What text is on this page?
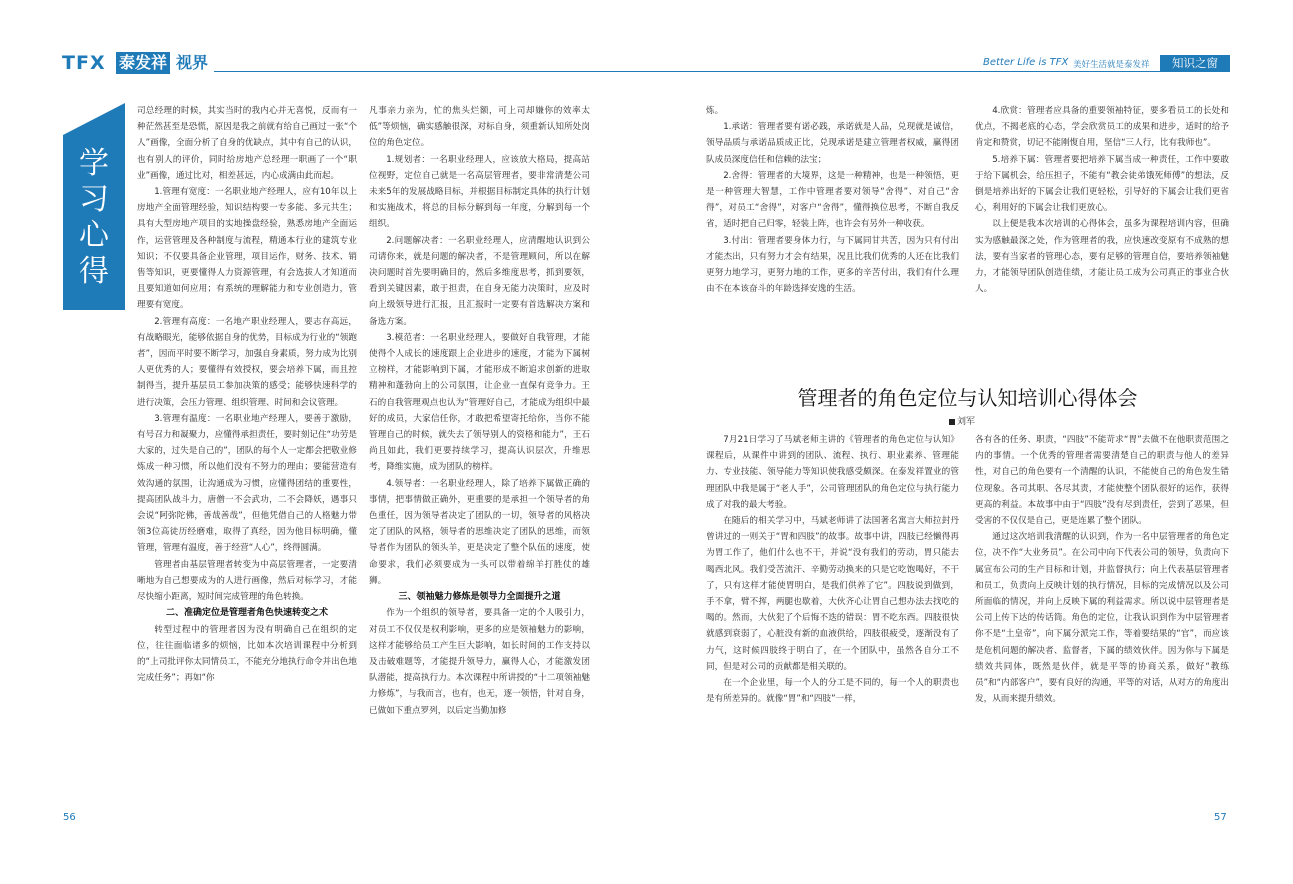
TFX 泰发祥 视界	Better Life is TFX 美好生活就是泰发祥	知识之窗
学
习
心
得

司总经理的时候，其实当时的我内心并无喜悦，反而有一种茫然甚至是恐慌，原因是我之前就有给自己画过一张“个人”画像，全面分析了自身的优缺点，其中有自己的认识，也有别人的评价，同时给房地产总经理一职画了一个“职业”画像，通过比对，相差甚远，内心成满由此而起。

1.管理有宽度：一名职业地产经理人，应有10年以上房地产全面管理经验，知识结构要一专多能、多元共生；具有大型房地产项目的实地操盘经验，熟悉房地产全面运作，运营管理及各种制度与流程，精通本行业的建筑专业知识；不仅要具备企业管理，项目运作，财务、技术、销售等知识，更要懂得人力资源管理，有会选拔人才知道而且要知道如何应用；有系统的理解能力和专业创造力，管理要有宽度。

2.管理有高度：一名地产职业经理人，要志存高远，有战略眼光，能够依据自身的优势，目标成为行业的“领跑者”，因而平时要不断学习，加强自身素质，努力成为比别人更优秀的人；要懂得有效授权，要会培养下属，而且控制得当，提升基层员工参加决策的感受；能够快速科学的进行决策，会压力管理、组织管理、时间和会议管理。

3.管理有温度：一名职业地产经理人，要善于激励，有号召力和凝聚力，应懂得承担责任，要时刻记住“功劳是大家的，过失是自己的”，团队的每个人一定都会把敬业修炼成一种习惯，所以他们没有不努力的理由；要能营造有效沟通的氛围，让沟通成为习惯，应懂得团结的重要性，提高团队战斗力，唐僧一不会武功，二不会降妖，遇事只会说“阿弥陀佛，善哉善哉”，但他凭借自己的人格魅力带领3位高徒历经磨难，取得了真经，因为他目标明确，懂管理，管理有温度，善于经营“人心”，终得圆满。

管理者由基层管理者转变为中高层管理者，一定要清晰地为自己想要成为的人进行画像，然后对标学习，才能尽快缩小距离，短时间完成管理的角色转换。

二、准确定位是管理者角色快速转变之术

转型过程中的管理者因为没有明确自己在组织的定位，往往面临诸多的烦恼，比如本次培训课程中分析到的“上司批评你太同情员工，不能充分地执行命令并出色地完成任务”；再如“你

凡事亲力亲为，忙的焦头烂额，可上司却嫌你的效率太低”等烦恼，确实感触很深，对标自身，须重新认知所处岗位的角色定位。

1.规划者：一名职业经理人，应该放大格局，提高站位视野，定位自己就是一名高层管理者，要非常清楚公司未来5年的发展战略目标，并根据目标制定具体的执行计划和实施战术，将总的目标分解到每一年度，分解到每一个组织。

2.问题解决者：一名职业经理人，应清醒地认识到公司请你来，就是问题的解决者，不是管理顾问，所以在解决问题时首先要明确目的，然后多维度思考，抓到要领，看到关键因素，敢于担责，在自身无能力决策时，应及时向上级领导进行汇报，且汇报时一定要有首选解决方案和备选方案。

3.模范者：一名职业经理人，要做好自我管理，才能使得个人成长的速度跟上企业进步的速度，才能为下属树立榜样，才能影响到下属，才能形成不断追求创新的进取精神和蓬勃向上的公司氛围，让企业一直保有竞争力。王石的自我管理观点也认为“管理好自己，才能成为组织中最好的成员，大家信任你，才敢把希望寄托给你，当你不能管理自己的时候，就失去了领导别人的资格和能力”，王石尚且如此，我们更要持续学习，提高认识层次，升维思考，降维实施，成为团队的榜样。

4.领导者：一名职业经理人，除了培养下属做正确的事情，把事情做正确外，更重要的是承担一个领导者的角色重任，因为领导者决定了团队的一切，领导者的风格决定了团队的风格，领导者的思维决定了团队的思维，而领导者作为团队的领头羊，更是决定了整个队伍的速度，使命要求，我们必须要成为一头可以带着绵羊打胜仗的雄狮。

三、领袖魅力修炼是领导力全面提升之道

作为一个组织的领导者，要具备一定的个人吸引力，对员工不仅仅是权利影响，更多的应是领袖魅力的影响，这样才能够给员工产生巨大影响，如长时间的工作支持以及击破难题等，才能提升领导力，赢得人心，才能激发团队潜能，提高执行力。本次课程中所讲授的“十二项领袖魅力修炼”，与我而言，也有，也无，逐一领悟，针对自身，已做如下重点罗列，以后定当勤加修

炼。

1.承诺：管理者要有诺必践，承诺就是人品，兑现就是诚信，领导品质与承诺品质成正比，兑现承诺是建立管理者权威，赢得团队成员深度信任和信赖的法宝；

2.舍得：管理者的大境界，这是一种精神，也是一种领悟，更是一种管理大智慧，工作中管理者要对领导“舍得”、对自己“舍得”，对员工“舍得”，对客户“舍得”，懂得换位思考，不断自我反省，适时把自己归零，轻装上阵，也许会有另外一种收获。

3.付出：管理者要身体力行，与下属同甘共苦，因为只有付出才能杰出，只有努力才会有结果，况且比我们优秀的人还在比我们更努力地学习，更努力地的工作，更多的辛苦付出，我们有什么理由不在本该奋斗的年龄选择安逸的生活。

4.欣赏：管理者应具备的重要领袖特征，要多看员工的长处和优点，不揭老底的心态，学会欣赏员工的成果和进步，适时的给予肯定和赞赏，切记不能刚愎自用，坚信“三人行，比有我师也”。

5.培养下属：管理者要把培养下属当成一种责任，工作中要敢于给下属机会，给压担子，不能有“教会徒弟饿死师傅”的想法，反倒是培养出好的下属会让我们更轻松，引导好的下属会让我们更省心，利用好的下属会让我们更放心。

以上便是我本次培训的心得体会，虽多为课程培训内容，但确实为感触最深之处，作为管理者的我，应快速改变原有不成熟的想法，要有当家者的管理心态，要有足够的管理自信，要培养领袖魅力，才能领导团队创造佳绩，才能让员工成为公司真正的事业合伙人。

管理者的角色定位与认知培训心得体会
刘军

7月21日学习了马斌老师主讲的《管理者的角色定位与认知》课程后，从课件中讲到的团队、流程、执行、职业素养、管理能力、专业技能、领导能力等知识使我感受颇深。在泰发祥置业的管理团队中我是属于“老人手”，公司管理团队的角色定位与执行能力成了对我的最大考验。

在随后的相关学习中，马斌老师讲了法国著名寓言大师拉封丹曾讲过的一则关于“胃和四肢”的故事。故事中讲，四肢已经懒得再为胃工作了，他们什么也不干，并说“没有我们的劳动，胃只能去喝西北风。我们受苦流汗、辛勤劳动换来的只是它吃饱喝好，不干了，只有这样才能使胃明白，是我们供养了它”。四肢说到做到，手不拿，臂不挥，两腿也歇着，大伙齐心让胃自己想办法去找吃的喝的。然而，大伙犯了个后悔不迭的错误：胃不吃东西。四肢很快就感到衰弱了，心脏没有新的血液供给，四肢很疲受，逐渐没有了力气，这时候四肢终于明白了，在一个团队中，虽然各自分工不同，但是对公司的贡献都是相关联的。

在一个企业里，每一个人的分工是不同的，每一个人的职责也是有所差异的。就像“胃”和“四肢”一样，

各有各的任务、职责，“四肢”不能苛求“胃”去做不在他职责范围之内的事情。一个优秀的管理者需要清楚自己的职责与他人的差异性，对自己的角色要有一个清醒的认识，不能使自己的角色发生错位现象。各司其职、各尽其责，才能使整个团队很好的运作，获得更高的利益。本故事中由于“四肢”没有尽到责任，尝到了恶果，但受害的不仅仅是自己，更是连累了整个团队。

通过这次培训我清醒的认识到，作为一名中层管理者的角色定位，决不作“大业务员”。在公司中向下代表公司的领导，负责向下属宣布公司的生产目标和计划，并监督执行；向上代表基层管理者和员工，负责向上反映计划的执行情况，目标的完成情况以及公司所面临的情况，并向上反映下属的利益需求。所以说中层管理者是公司上传下达的传话筒。角色的定位，让我认识到作为中层管理者你不是“土皇帝”，向下属分派完工作，等着要结果的“官”，而应该是危机问题的解决者、监督者，下属的绩效伙伴。因为你与下属是绩效共同体，既然是伙伴，就是平等的协商关系，做好“教练员”和“内部客户”，要有良好的沟通，平等的对话，从对方的角度出发，从而来提升绩效。

56	57
